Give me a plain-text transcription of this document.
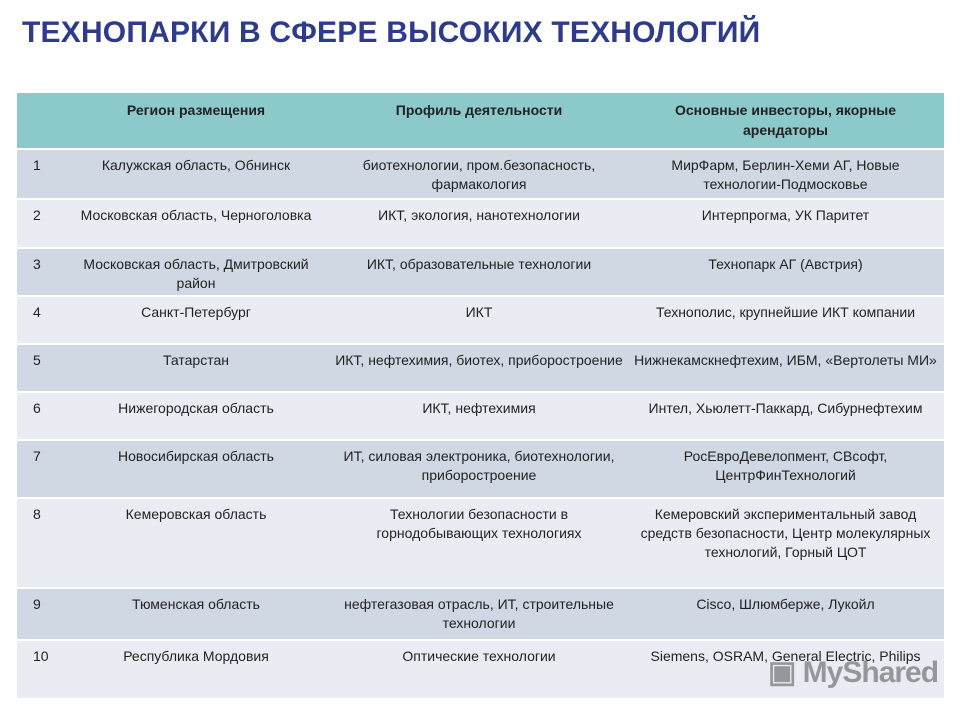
ТЕХНОПАРКИ В СФЕРЕ ВЫСОКИХ ТЕХНОЛОГИЙ
	Регион размещения	Профиль деятельности	Основные инвесторы, якорные арендаторы
1	Калужская область, Обнинск	биотехнологии, пром.безопасность, фармакология	МирФарм, Берлин-Хеми АГ, Новые технологии-Подмосковье
2	Московская область, Черноголовка	ИКТ, экология, нанотехнологии	Интерпрогма, УК Паритет
3	Московская область, Дмитровский район	ИКТ, образовательные технологии	Технопарк АГ (Австрия)
4	Санкт-Петербург	ИКТ	Технополис, крупнейшие ИКТ компании
5	Татарстан	ИКТ, нефтехимия, биотех, приборостроение	Нижнекамскнефтехим, ИБМ, «Вертолеты МИ»
6	Нижегородская область	ИКТ, нефтехимия	Интел, Хьюлетт-Паккард, Сибурнефтехим
7	Новосибирская область	ИТ, силовая электроника, биотехнологии, приборостроение	РосЕвроДевелопмент, СВсофт, ЦентрФинТехнологий
8	Кемеровская область	Технологии безопасности в горнодобывающих технологиях	Кемеровский экспериментальный завод средств безопасности, Центр молекулярных технологий, Горный ЦОТ
9	Тюменская область	нефтегазовая отрасль, ИТ, строительные технологии	Cisco, Шлюмберже, Лукойл
10	Республика Мордовия	Оптические технологии	Siemens, OSRAM, General Electric, Philips
▣ MyShared
